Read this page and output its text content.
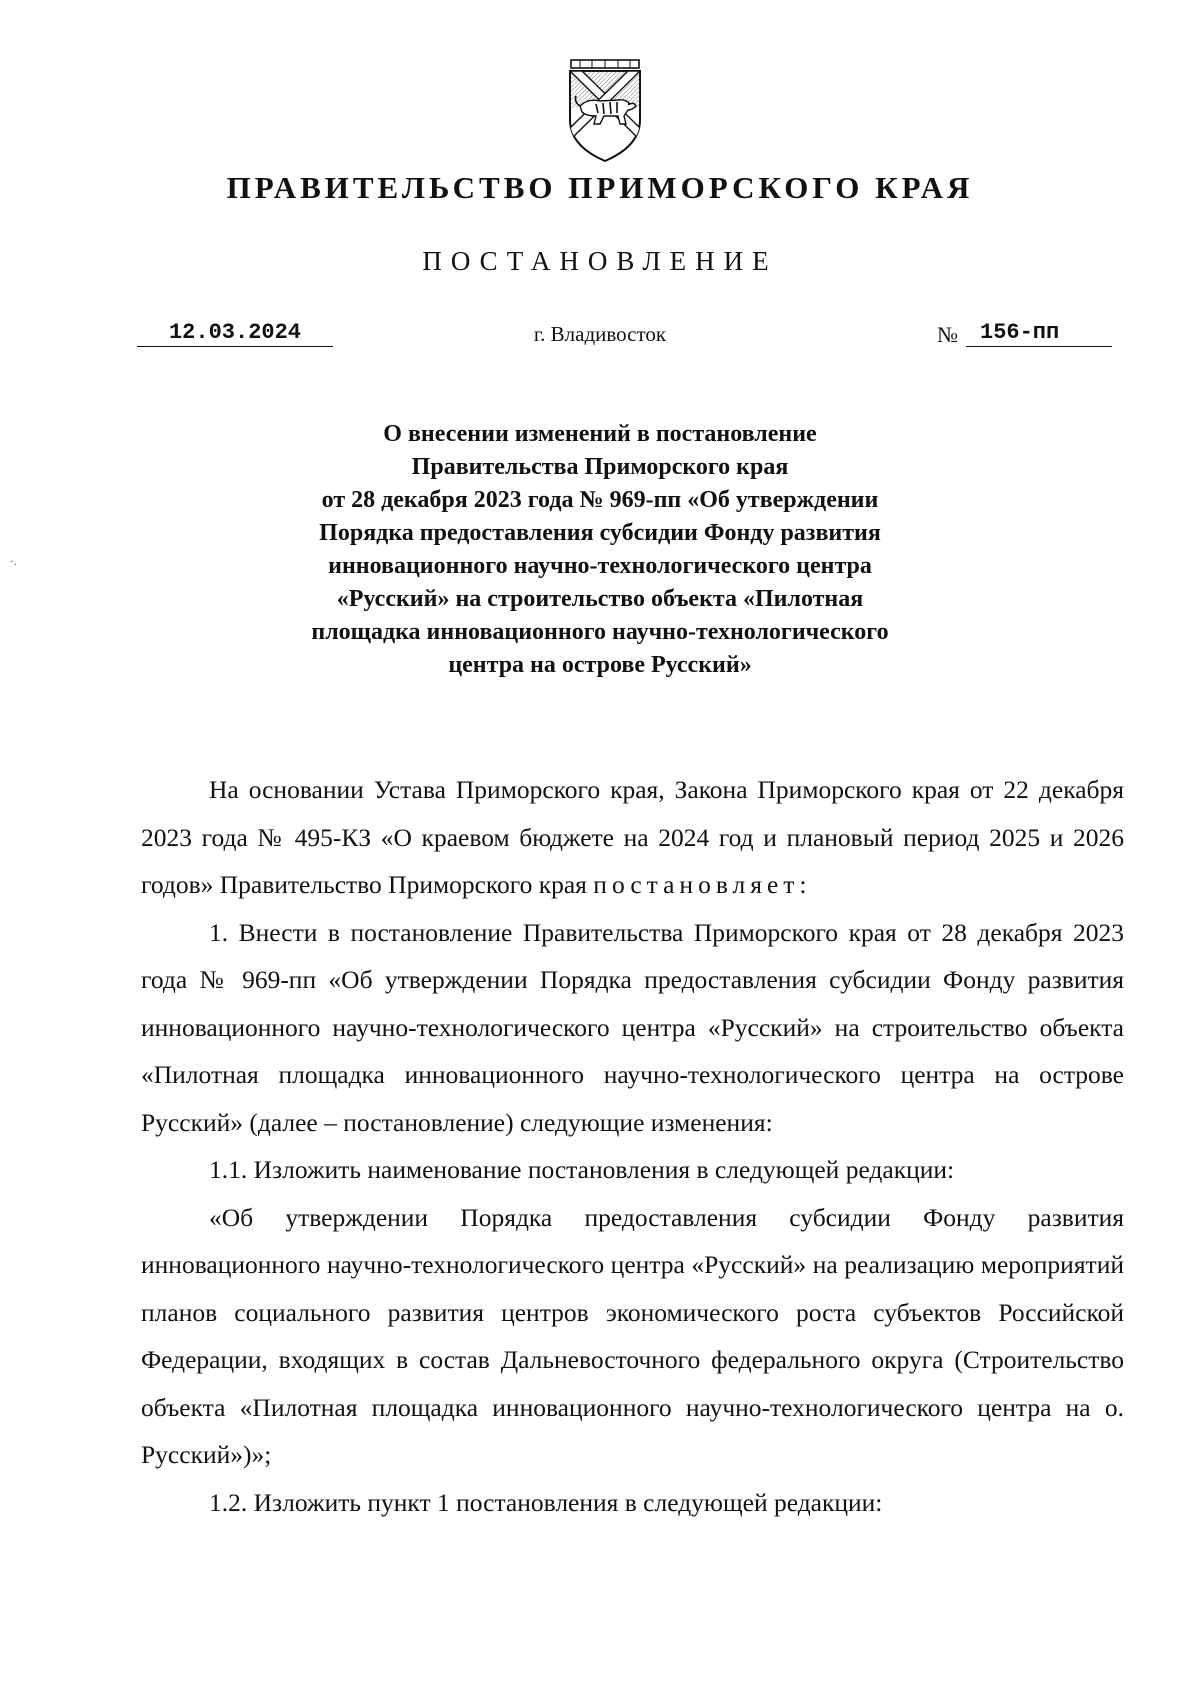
ПРАВИТЕЛЬСТВО ПРИМОРСКОГО КРАЯ
ПОСТАНОВЛЕНИЕ
12.03.2024	г. Владивосток	№	156-пп
О внесении изменений в постановление
Правительства Приморского края
от 28 декабря 2023 года № 969-пп «Об утверждении
Порядка предоставления субсидии Фонду развития
инновационного научно-технологического центра
«Русский» на строительство объекта «Пилотная
площадка инновационного научно-технологического
центра на острове Русский»
·.

На основании Устава Приморского края, Закона Приморского края от 22 декабря 2023 года № 495-КЗ «О краевом бюджете на 2024 год и плановый период 2025 и 2026 годов» Правительство Приморского края постановляет:

1. Внести в постановление Правительства Приморского края от 28 декабря 2023 года № 969-пп «Об утверждении Порядка предоставления субсидии Фонду развития инновационного научно-технологического центра «Русский» на строительство объекта «Пилотная площадка инновационного научно-технологического центра на острове Русский» (далее – постановление) следующие изменения:

1.1. Изложить наименование постановления в следующей редакции:

«Об утверждении Порядка предоставления субсидии Фонду развития инновационного научно-технологического центра «Русский» на реализацию мероприятий планов социального развития центров экономического роста субъектов Российской Федерации, входящих в состав Дальневосточного федерального округа (Строительство объекта «Пилотная площадка инновационного научно-технологического центра на о. Русский»)»;

1.2. Изложить пункт 1 постановления в следующей редакции:
